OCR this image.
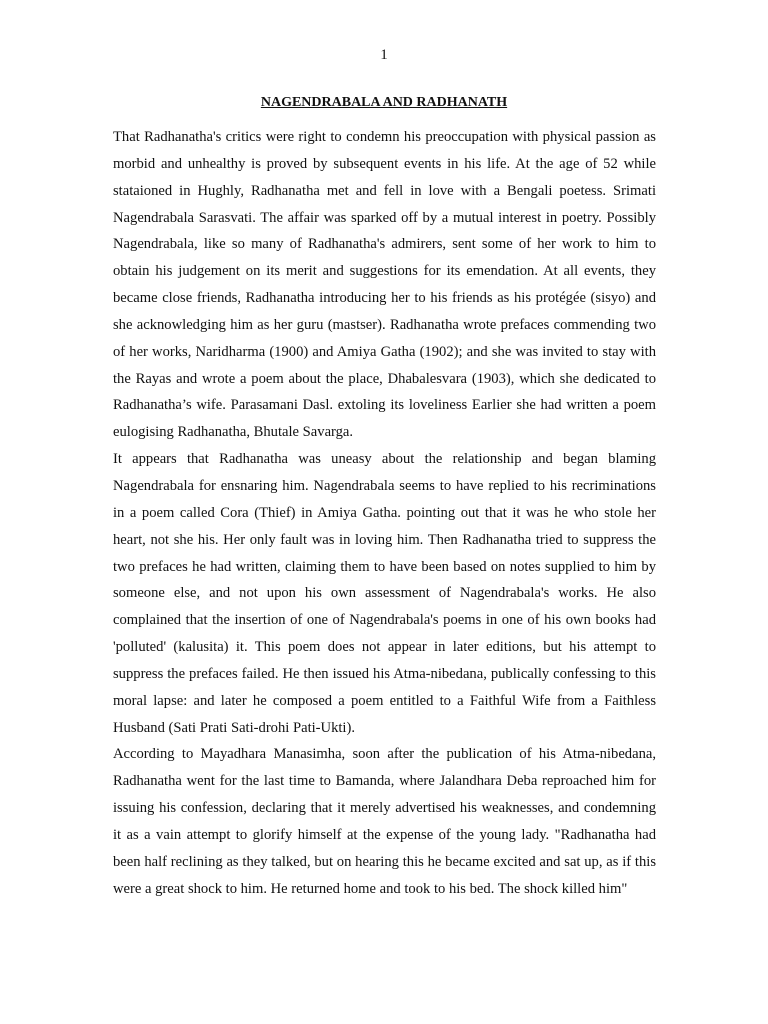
1
NAGENDRABALA AND RADHANATH

That Radhanatha's critics were right to condemn his preoccupation with physical passion as morbid and unhealthy is proved by subsequent events in his life. At the age of 52 while stataioned in Hughly, Radhanatha met and fell in love with a Bengali poetess. Srimati Nagendrabala Sarasvati. The affair was sparked off by a mutual interest in poetry. Possibly Nagendrabala, like so many of Radhanatha's admirers, sent some of her work to him to obtain his judgement on its merit and suggestions for its emendation. At all events, they became close friends, Radhanatha introducing her to his friends as his protégée (sisyo) and she acknowledging him as her guru (mastser). Radhanatha wrote prefaces commending two of her works, Naridharma (1900) and Amiya Gatha (1902); and she was invited to stay with the Rayas and wrote a poem about the place, Dhabalesvara (1903), which she dedicated to Radhanatha’s wife. Parasamani Dasl. extoling its loveliness Earlier she had written a poem eulogising Radhanatha, Bhutale Savarga.

It appears that Radhanatha was uneasy about the relationship and began blaming Nagendrabala for ensnaring him. Nagendrabala seems to have replied to his recriminations in a poem called Cora (Thief) in Amiya Gatha. pointing out that it was he who stole her heart, not she his. Her only fault was in loving him. Then Radhanatha tried to suppress the two prefaces he had written, claiming them to have been based on notes supplied to him by someone else, and not upon his own assessment of Nagendrabala's works. He also complained that the insertion of one of Nagendrabala's poems in one of his own books had 'polluted' (kalusita) it. This poem does not appear in later editions, but his attempt to suppress the prefaces failed. He then issued his Atma-nibedana, publically confessing to this moral lapse: and later he composed a poem entitled to a Faithful Wife from a Faithless Husband (Sati Prati Sati-drohi Pati-Ukti).

According to Mayadhara Manasimha, soon after the publication of his Atma-nibedana, Radhanatha went for the last time to Bamanda, where Jalandhara Deba reproached him for issuing his confession, declaring that it merely advertised his weaknesses, and condemning it as a vain attempt to glorify himself at the expense of the young lady. "Radhanatha had been half reclining as they talked, but on hearing this he became excited and sat up, as if this were a great shock to him. He returned home and took to his bed. The shock killed him"
